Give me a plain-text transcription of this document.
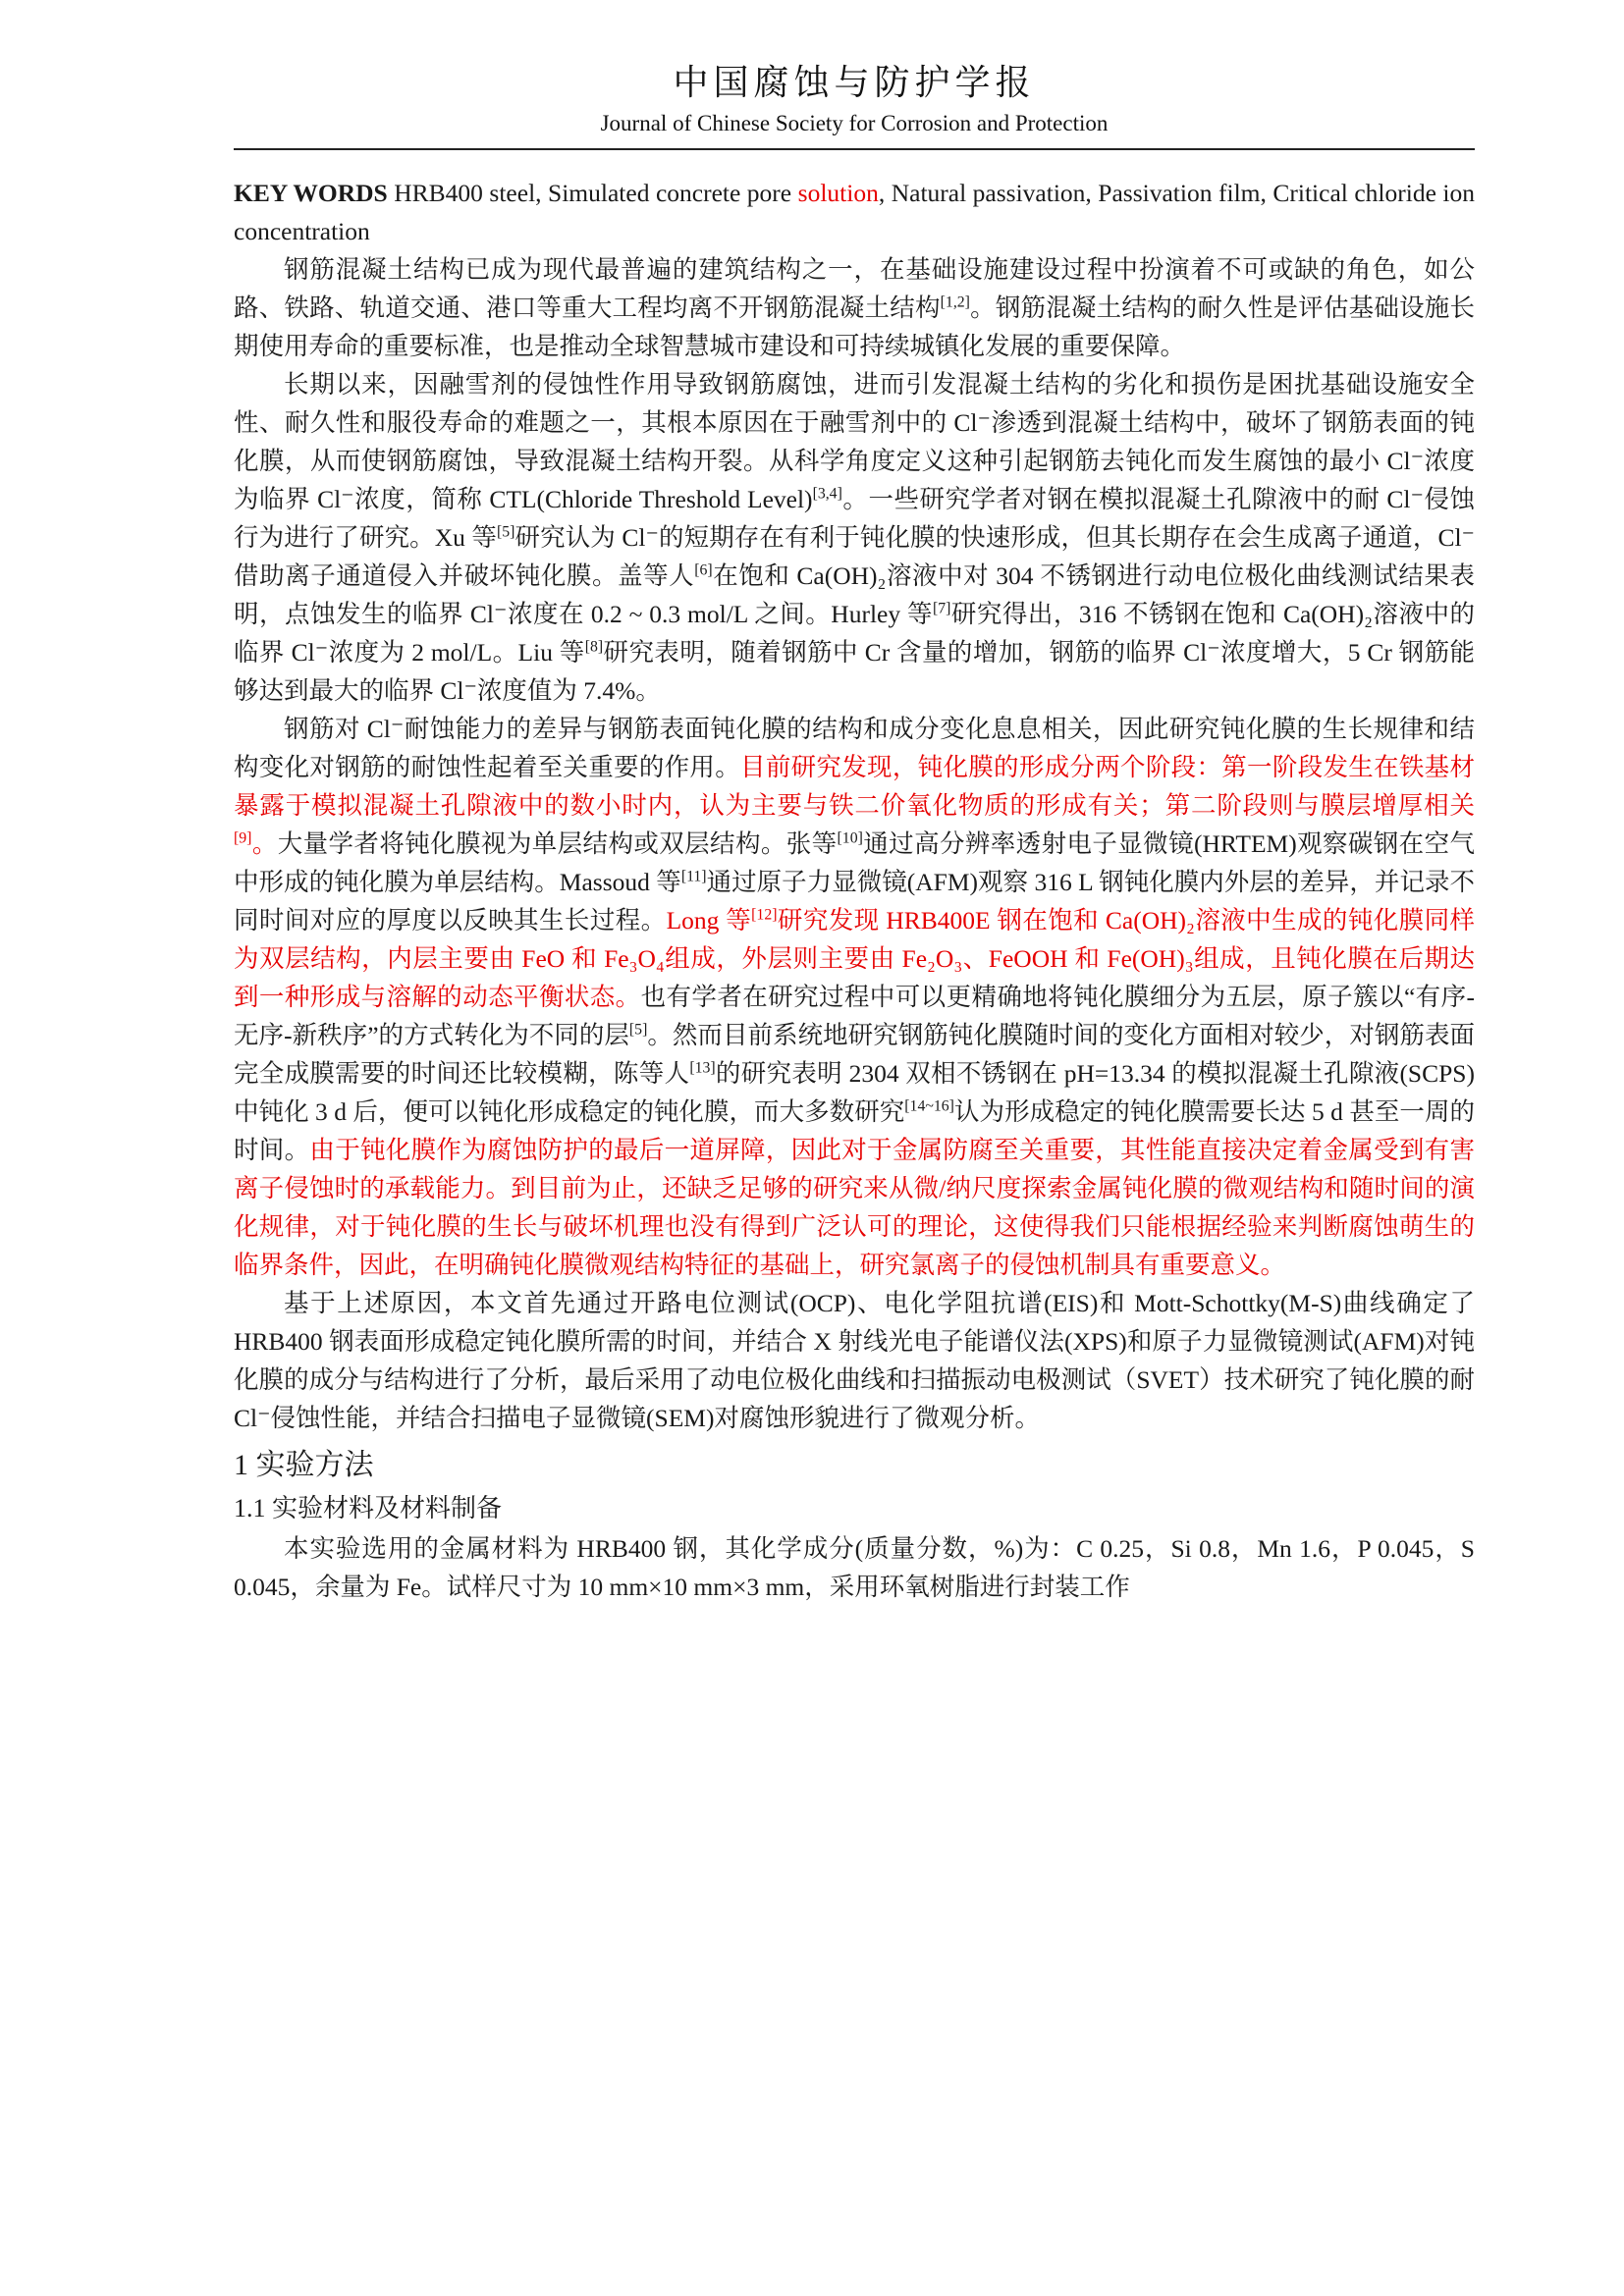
中国腐蚀与防护学报
Journal of Chinese Society for Corrosion and Protection

KEY WORDS HRB400 steel, Simulated concrete pore solution, Natural passivation, Passivation film, Critical chloride ion concentration

钢筋混凝土结构已成为现代最普遍的建筑结构之一，在基础设施建设过程中扮演着不可或缺的角色，如公路、铁路、轨道交通、港口等重大工程均离不开钢筋混凝土结构[1,2]。钢筋混凝土结构的耐久性是评估基础设施长期使用寿命的重要标准，也是推动全球智慧城市建设和可持续城镇化发展的重要保障。

长期以来，因融雪剂的侵蚀性作用导致钢筋腐蚀，进而引发混凝土结构的劣化和损伤是困扰基础设施安全性、耐久性和服役寿命的难题之一，其根本原因在于融雪剂中的 Cl⁻渗透到混凝土结构中，破坏了钢筋表面的钝化膜，从而使钢筋腐蚀，导致混凝土结构开裂。从科学角度定义这种引起钢筋去钝化而发生腐蚀的最小 Cl⁻浓度为临界 Cl⁻浓度，简称 CTL(Chloride Threshold Level)[3,4]。一些研究学者对钢在模拟混凝土孔隙液中的耐 Cl⁻侵蚀行为进行了研究。Xu 等[5]研究认为 Cl⁻的短期存在有利于钝化膜的快速形成，但其长期存在会生成离子通道，Cl⁻借助离子通道侵入并破坏钝化膜。盖等人[6]在饱和 Ca(OH)₂溶液中对 304 不锈钢进行动电位极化曲线测试结果表明，点蚀发生的临界 Cl⁻浓度在 0.2 ~ 0.3 mol/L 之间。Hurley 等[7]研究得出，316 不锈钢在饱和 Ca(OH)₂溶液中的临界 Cl⁻浓度为 2 mol/L。Liu 等[8]研究表明，随着钢筋中 Cr 含量的增加，钢筋的临界 Cl⁻浓度增大，5 Cr 钢筋能够达到最大的临界 Cl⁻浓度值为 7.4%。

钢筋对 Cl⁻耐蚀能力的差异与钢筋表面钝化膜的结构和成分变化息息相关，因此研究钝化膜的生长规律和结构变化对钢筋的耐蚀性起着至关重要的作用。目前研究发现，钝化膜的形成分两个阶段：第一阶段发生在铁基材暴露于模拟混凝土孔隙液中的数小时内，认为主要与铁二价氧化物质的形成有关；第二阶段则与膜层增厚相关[9]。大量学者将钝化膜视为单层结构或双层结构。张等[10]通过高分辨率透射电子显微镜(HRTEM)观察碳钢在空气中形成的钝化膜为单层结构。Massoud 等[11]通过原子力显微镜(AFM)观察 316 L 钢钝化膜内外层的差异，并记录不同时间对应的厚度以反映其生长过程。Long 等[12]研究发现 HRB400E 钢在饱和 Ca(OH)₂溶液中生成的钝化膜同样为双层结构，内层主要由 FeO 和 Fe₃O₄组成，外层则主要由 Fe₂O₃、FeOOH 和 Fe(OH)₃组成，且钝化膜在后期达到一种形成与溶解的动态平衡状态。也有学者在研究过程中可以更精确地将钝化膜细分为五层，原子簇以“有序-无序-新秩序”的方式转化为不同的层[5]。然而目前系统地研究钢筋钝化膜随时间的变化方面相对较少，对钢筋表面完全成膜需要的时间还比较模糊，陈等人[13]的研究表明 2304 双相不锈钢在 pH=13.34 的模拟混凝土孔隙液(SCPS)中钝化 3 d 后，便可以钝化形成稳定的钝化膜，而大多数研究[14~16]认为形成稳定的钝化膜需要长达 5 d 甚至一周的时间。由于钝化膜作为腐蚀防护的最后一道屏障，因此对于金属防腐至关重要，其性能直接决定着金属受到有害离子侵蚀时的承载能力。到目前为止，还缺乏足够的研究来从微/纳尺度探索金属钝化膜的微观结构和随时间的演化规律，对于钝化膜的生长与破坏机理也没有得到广泛认可的理论，这使得我们只能根据经验来判断腐蚀萌生的临界条件，因此，在明确钝化膜微观结构特征的基础上，研究氯离子的侵蚀机制具有重要意义。

基于上述原因，本文首先通过开路电位测试(OCP)、电化学阻抗谱(EIS)和 Mott-Schottky(M-S)曲线确定了 HRB400 钢表面形成稳定钝化膜所需的时间，并结合 X 射线光电子能谱仪法(XPS)和原子力显微镜测试(AFM)对钝化膜的成分与结构进行了分析，最后采用了动电位极化曲线和扫描振动电极测试（SVET）技术研究了钝化膜的耐 Cl⁻侵蚀性能，并结合扫描电子显微镜(SEM)对腐蚀形貌进行了微观分析。

1 实验方法
1.1 实验材料及材料制备

本实验选用的金属材料为 HRB400 钢，其化学成分(质量分数，%)为：C 0.25，Si 0.8，Mn 1.6，P 0.045，S 0.045，余量为 Fe。试样尺寸为 10 mm×10 mm×3 mm，采用环氧树脂进行封装工作
